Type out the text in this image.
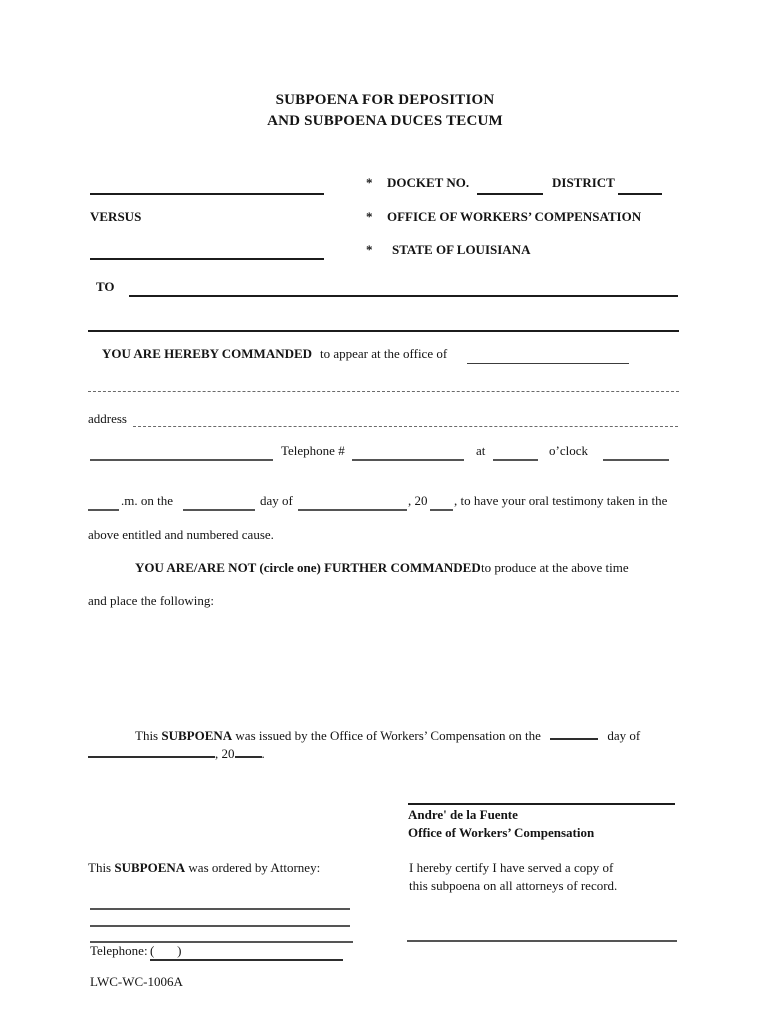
SUBPOENA FOR DEPOSITION
AND SUBPOENA DUCES TECUM
* DOCKET NO.	DISTRICT
VERSUS	* OFFICE OF WORKERS’ COMPENSATION
* STATE OF LOUISIANA
TO
YOU ARE HEREBY COMMANDED to appear at the office of
address
Telephone #	at	o’clock
.m. on the	day of	, 20 , to have your oral testimony taken in the
above entitled and numbered cause.
YOU ARE/ARE NOT (circle one) FURTHER COMMANDED to produce at the above time
and place the following:
This SUBPOENA was issued by the Office of Workers’ Compensation on the	day of
, 20 .
Andre' de la Fuente
Office of Workers’ Compensation
This SUBPOENA was ordered by Attorney:	I hereby certify I have served a copy of
this subpoena on all attorneys of record.
Telephone: (       )
LWC-WC-1006A
